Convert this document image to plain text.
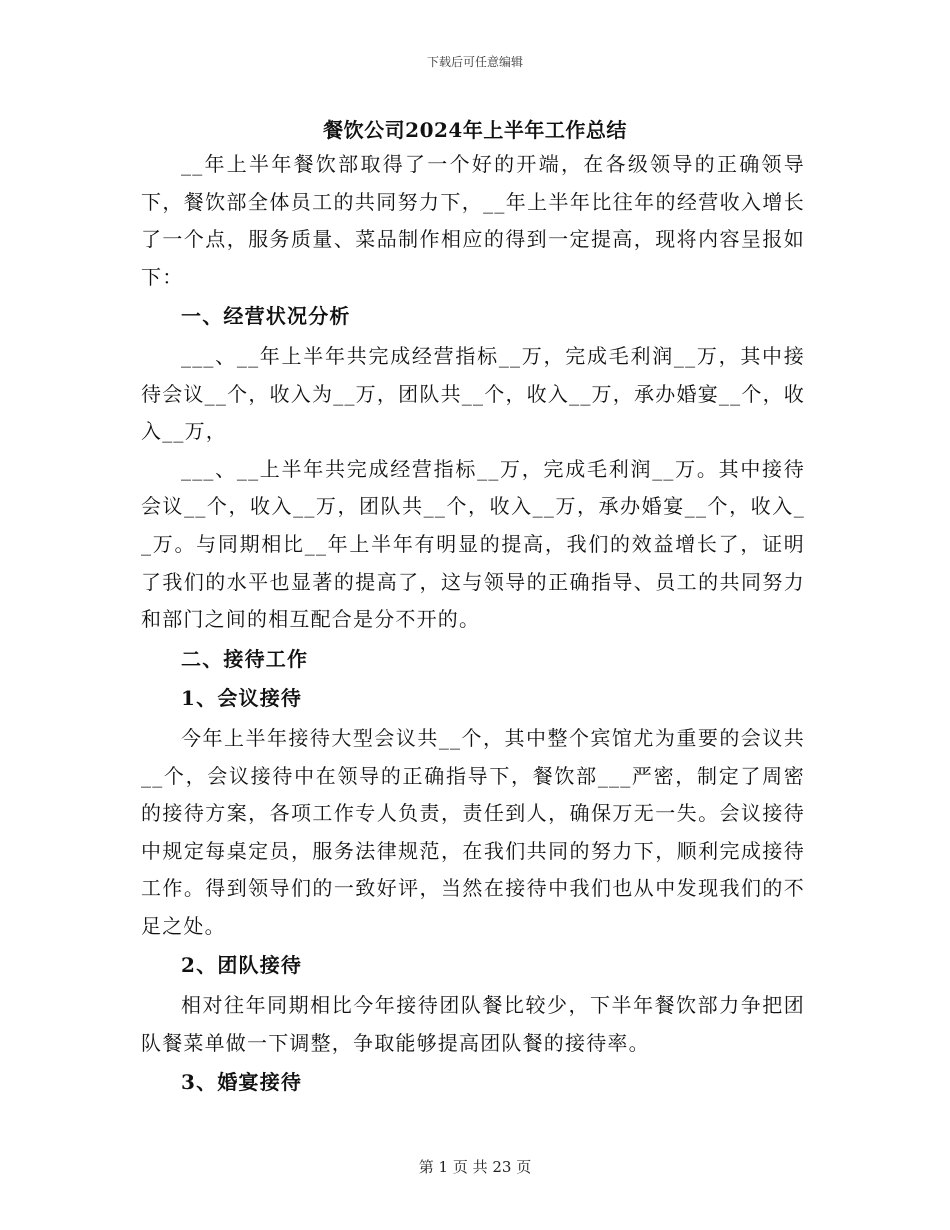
下载后可任意编辑
餐饮公司2024年上半年工作总结

__年上半年餐饮部取得了一个好的开端，在各级领导的正确领导下，餐饮部全体员工的共同努力下，__年上半年比往年的经营收入增长了一个点，服务质量、菜品制作相应的得到一定提高，现将内容呈报如下：

一、经营状况分析

___、__年上半年共完成经营指标__万，完成毛利润__万，其中接待会议__个，收入为__万，团队共__个，收入__万，承办婚宴__个，收入__万，

___、__上半年共完成经营指标__万，完成毛利润__万。其中接待会议__个，收入__万，团队共__个，收入__万，承办婚宴__个，收入__万。与同期相比__年上半年有明显的提高，我们的效益增长了，证明了我们的水平也显著的提高了，这与领导的正确指导、员工的共同努力和部门之间的相互配合是分不开的。

二、接待工作

1、会议接待

今年上半年接待大型会议共__个，其中整个宾馆尤为重要的会议共__个，会议接待中在领导的正确指导下，餐饮部___严密，制定了周密的接待方案，各项工作专人负责，责任到人，确保万无一失。会议接待中规定每桌定员，服务法律规范，在我们共同的努力下，顺利完成接待工作。得到领导们的一致好评，当然在接待中我们也从中发现我们的不足之处。

2、团队接待

相对往年同期相比今年接待团队餐比较少，下半年餐饮部力争把团队餐菜单做一下调整，争取能够提高团队餐的接待率。

3、婚宴接待

第 1 页 共 23 页
